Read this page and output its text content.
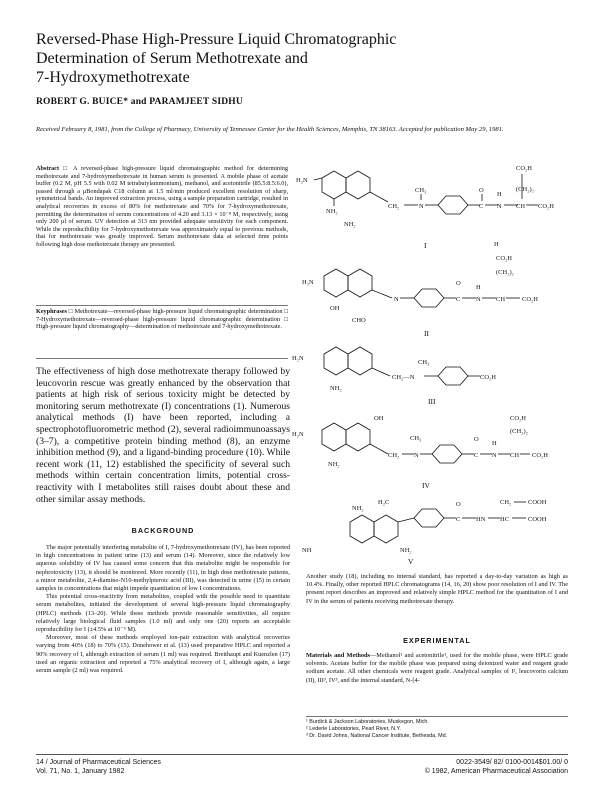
Reversed-Phase High-Pressure Liquid Chromatographic
Determination of Serum Methotrexate and
7-Hydroxymethotrexate
ROBERT G. BUICE* and PARAMJEET SIDHU
Received February 8, 1981, from the College of Pharmacy, University of Tennessee Center for the Health Sciences, Memphis, TN 38163. Accepted for publication May 29, 1981.
Abstract □ A reversed-phase high-pressure liquid chromatographic method for determining methotrexate and 7-hydroxymethotrexate in human serum is presented. A mobile phase of acetate buffer (0.2 M, pH 5.5 with 0.02 M tetrabutylammonium), methanol, and acetonitrile (85.5:8.5:6.0), passed through a µBondapak C18 column at 1.5 ml/min produced excellent resolution of sharp, symmetrical bands. An improved extraction process, using a sample preparation cartridge, resulted in analytical recoveries in excess of 80% for methotrexate and 70% for 7-hydroxymethotrexate, permitting the determination of serum concentrations of 4.20 and 3.13 × 10⁻⁸ M, respectively, using only 200 µl of serum. UV detection at 313 nm provided adequate sensitivity for each component. While the reproducibility for 7-hydroxymethotrexate was approximately equal to previous methods, that for methotrexate was greatly improved. Serum methotrexate data at selected time points following high dose methotrexate therapy are presented.
Keyphrases □ Methotrexate—reversed-phase high-pressure liquid chromatographic determination □ 7-Hydroxymethotrexate—reversed-phase high-pressure liquid chromatographic determination □ High-pressure liquid chromatography—determination of methotrexate and 7-hydroxymethotrexate.
The effectiveness of high dose methotrexate therapy followed by leucovorin rescue was greatly enhanced by the observation that patients at high risk of serious toxicity might be detected by monitoring serum methotrexate (I) concentrations (1). Numerous analytical methods (I) have been reported, including a spectrophotofluorometric method (2), several radioimmunoassays (3–7), a competitive protein binding method (8), an enzyme inhibition method (9), and a ligand-binding procedure (10). While recent work (11, 12) established the specificity of several such methods within certain concentration limits, potential cross-reactivity with I metabolites still raises doubt about these and other similar assay methods.
BACKGROUND

The major potentially interfering metabolite of I, 7-hydroxymethotrexate (IV), has been reported in high concentrations in patient urine (13) and serum (14). Moreover, since the relatively low aqueous solubility of IV has caused some concern that this metabolite might be responsible for nephrotoxicity (13), it should be monitored. More recently (11), in high dose methotrexate patients, a minor metabolite, 2,4-diamino-N10-methylpteroic acid (III), was detected in urine (15) in certain samples in concentrations that might impede quantitation of low I concentrations.

This potential cross-reactivity from metabolites, coupled with the possible need to quantitate serum metabolites, initiated the development of several high-pressure liquid chromatography (HPLC) methods (13–20). While these methods provide reasonable sensitivities, all require relatively large biological fluid samples (1.0 ml) and only one (20) reports an acceptable reproducibility for I (±4.5% at 10⁻⁶ M).

Moreover, most of these methods employed ion-pair extraction with analytical recoveries varying from 40% (18) to 70% (15). Donehower et al. (13) used preparative HPLC and reported a 90% recovery of I, although extraction of serum (1 ml) was required. Breithaupt and Kuenzlen (17) used an organic extraction and reported a 75% analytical recovery of I, although again, a large serum sample (2 ml) was required.

H₂N
NH₂
CH₂	N
CH₃
C
O
N
H
CH CO₂H
(CH₂)₂
CO₂H
NH₂
I
H₂N
OH
CHO
N	C
O
N
H
CH	CO₂H
(CH₂)₂
CO₂H
H
II
H₂N
NH₂
CH₂—N
CH₃
CO₂H
III
H₂N
OH
NH₂
CH₂ N
CH₃
C
O
N
H
CH CO₂H
(CH₂)₂
CO₂H
IV
NH₂
H₂C
NH	NH₂
C
O
HN HC	COOH
CH₂	COOH
V
Another study (18), including no internal standard, has reported a day-to-day variation as high as 10.4%. Finally, other reported HPLC chromatograms (14, 16, 20) show poor resolution of I and IV. The present report describes an improved and relatively simple HPLC method for the quantitation of I and IV in the serum of patients receiving methotrexate therapy.
EXPERIMENTAL
Materials and Methods—Methanol¹ and acetonitrile¹, used for the mobile phase, were HPLC grade solvents. Acetate buffer for the mobile phase was prepared using deionized water and reagent grade sodium acetate. All other chemicals were reagent grade. Analytical samples of I², leucovorin calcium (II), III³, IV³, and the internal standard, N-[4-
¹ Burdick & Jackson Laboratories, Muskegon, Mich.
² Lederle Laboratories, Pearl River, N.Y.
³ Dr. David Johns, National Cancer Institute, Bethesda, Md.
14 / Journal of Pharmaceutical Sciences
Vol. 71, No. 1, January 1982
0022-3549/ 82/ 0100-0014$01.00/ 0
© 1982, American Pharmaceutical Association
